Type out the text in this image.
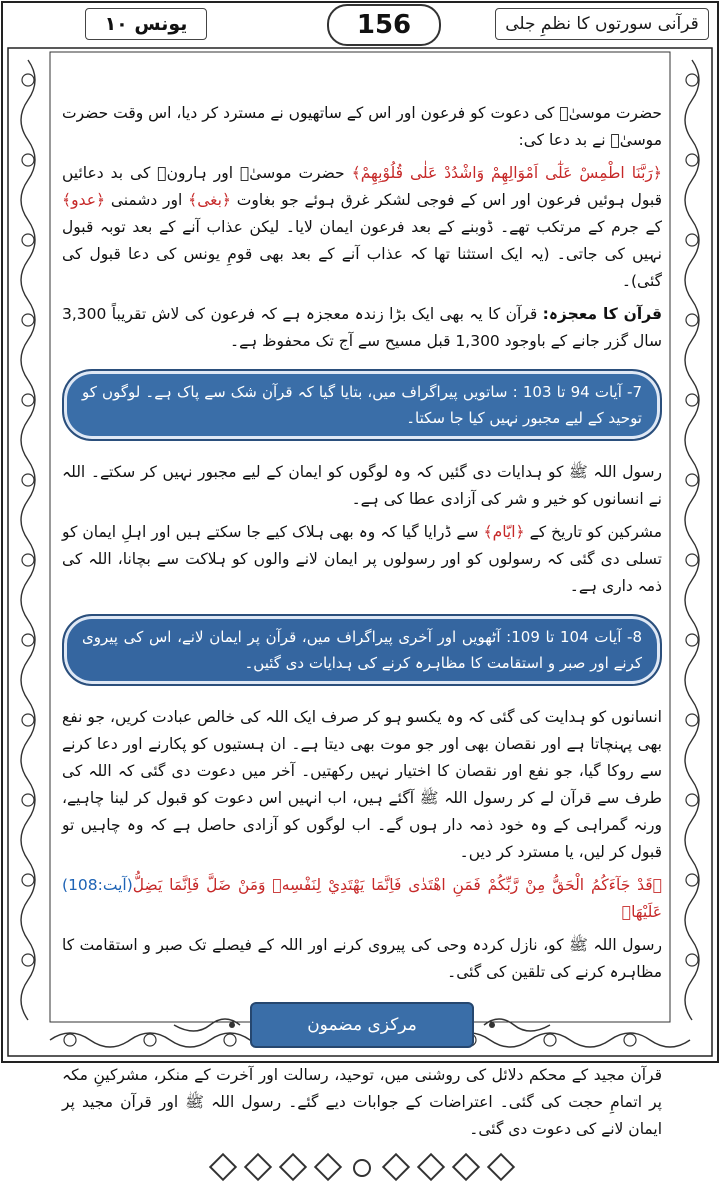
قرآنی سورتوں کا نظمِ جلی
156
یونس ۱۰

حضرت موسیٰؑ کی دعوت کو فرعون اور اس کے ساتھیوں نے مسترد کر دیا، اس وقت حضرت موسیٰؑ نے بد دعا کی:

﴿رَبَّنَا اطْمِسْ عَلٰٓى اَمْوَالِهِمْ وَاشْدُدْ عَلٰى قُلُوْبِهِمْ﴾ حضرت موسیٰؑ اور ہارونؑ کی بد دعائیں قبول ہوئیں فرعون اور اس کے فوجی لشکر غرق ہوئے جو بغاوت ﴿بغی﴾ اور دشمنی ﴿عدو﴾ کے جرم کے مرتکب تھے۔ ڈوبنے کے بعد فرعون ایمان لایا۔ لیکن عذاب آنے کے بعد توبہ قبول نہیں کی جاتی۔ (یہ ایک استثنا تھا کہ عذاب آنے کے بعد بھی قومِ یونس کی دعا قبول کی گئی)۔

قرآن کا معجزہ: قرآن کا یہ بھی ایک بڑا زندہ معجزہ ہے کہ فرعون کی لاش تقریباً 3,300 سال گزر جانے کے باوجود 1,300 قبل مسیح سے آج تک محفوظ ہے۔

7- آیات 94 تا 103 : ساتویں پیراگراف میں، بتایا گیا کہ قرآن شک سے پاک ہے۔ لوگوں کو توحید کے لیے مجبور نہیں کیا جا سکتا۔

رسول اللہ ﷺ کو ہدایات دی گئیں کہ وہ لوگوں کو ایمان کے لیے مجبور نہیں کر سکتے۔ اللہ نے انسانوں کو خیر و شر کی آزادی عطا کی ہے۔

مشرکین کو تاریخ کے ﴿ایّام﴾ سے ڈرایا گیا کہ وہ بھی ہلاک کیے جا سکتے ہیں اور اہلِ ایمان کو تسلی دی گئی کہ رسولوں کو اور رسولوں پر ایمان لانے والوں کو ہلاکت سے بچانا، اللہ کی ذمہ داری ہے۔

8- آیات 104 تا 109: آٹھویں اور آخری پیراگراف میں، قرآن پر ایمان لانے، اس کی پیروی کرنے اور صبر و استقامت کا مظاہرہ کرنے کی ہدایات دی گئیں۔

انسانوں کو ہدایت کی گئی کہ وہ یکسو ہو کر صرف ایک اللہ کی خالص عبادت کریں، جو نفع بھی پہنچاتا ہے اور نقصان بھی اور جو موت بھی دیتا ہے۔ ان ہستیوں کو پکارنے اور دعا کرنے سے روکا گیا، جو نفع اور نقصان کا اختیار نہیں رکھتیں۔ آخر میں دعوت دی گئی کہ اللہ کی طرف سے قرآن لے کر رسول اللہ ﷺ آگئے ہیں، اب انہیں اس دعوت کو قبول کر لینا چاہیے، ورنہ گمراہی کے وہ خود ذمہ دار ہوں گے۔ اب لوگوں کو آزادی حاصل ہے کہ وہ چاہیں تو قبول کر لیں، یا مسترد کر دیں۔

﴿قَدْ جَآءَكُمُ الْحَقُّ مِنْ رَّبِّكُمْ فَمَنِ اهْتَدٰى فَاِنَّمَا يَهْتَدِيْ لِنَفْسِهٖ وَمَنْ ضَلَّ فَاِنَّمَا يَضِلُّ عَلَيْهَا﴾
(آیت:108)

رسول اللہ ﷺ کو، نازل کردہ وحی کی پیروی کرنے اور اللہ کے فیصلے تک صبر و استقامت کا مظاہرہ کرنے کی تلقین کی گئی۔

مرکزی مضمون

قرآن مجید کے محکم دلائل کی روشنی میں، توحید، رسالت اور آخرت کے منکر، مشرکینِ مکہ پر اتمامِ حجت کی گئی۔ اعتراضات کے جوابات دیے گئے۔ رسول اللہ ﷺ اور قرآن مجید پر ایمان لانے کی دعوت دی گئی۔
